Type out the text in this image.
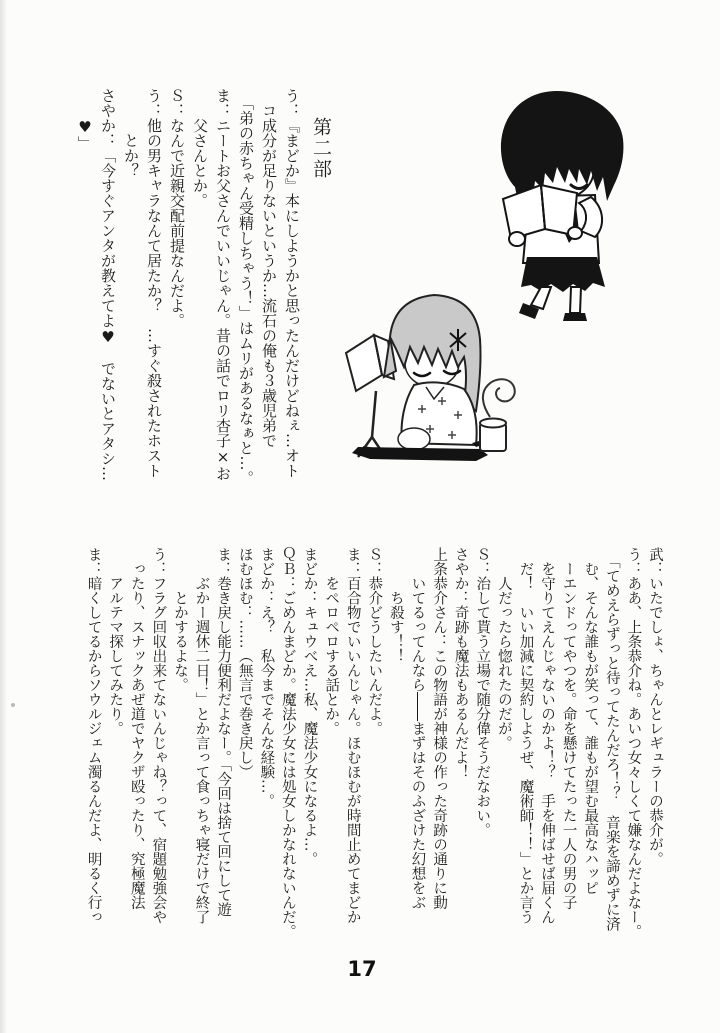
第二部
う：『まどか』本にしようかと思ったんだけどねぇ…オト
　コ成分が足りないというか…流石の俺も３歳児弟で
　「弟の赤ちゃん受精しちゃう！」はムリがあるなぁと…。
ま：ニートお父さんでいいじゃん。昔の話でロリ杏子×お
　　父さんとか。
Ｓ：なんで近親交配前提なんだよ。
う：他の男キャラなんて居たか？　…すぐ殺されたホスト
　　　とか？
さやか：「今すぐアンタが教えてよ♥　でないとアタシ…
　　♥」
武：いたでしょ、ちゃんとレギュラーの恭介が。
う：ああ、上条恭介ね。あいつ女々しくて嫌なんだよなー。
　「てめえらずっと待ってたんだろ！？　音楽を諦めずに済
　む、そんな誰もが笑って、誰もが望む最高なハッピ
　ーエンドってやつを。命を懸けてたった一人の男の子
　を守りてえんじゃないのかよ！？　手を伸ばせば届くん
　だ！　いい加減に契約しようぜ、魔術師！！」とか言う
　　人だったら惚れたのだが。
Ｓ：治して貰う立場で随分偉そうだなおい。
さやか：奇跡も魔法もあるんだよ！
上条恭介さん：この物語が神様の作った奇跡の通りに動
　　いてるってんなら――まずはそのふざけた幻想をぶ
　　　ち殺す！！
Ｓ：恭介どうしたいんだよ。
ま：百合物でいいんじゃん。ほむほむが時間止めてまどか
　　をペロペロする話とか。
まどか：キュウべえ…私、魔法少女になるよ…。
ＱＢ：ごめんまどか。魔法少女には処女しかなれないんだ。
まどか：え？　私今までそんな経験…。
ほむほむ：……（無言で巻き戻し）
ま：巻き戻し能力便利だよなー。「今回は捨て回にして遊
　　ぶかー週休二日！」とか言って食っちゃ寝だけで終了
　　　とかするよな。
う：フラグ回収出来てないんじゃね？って、宿題勉強会や
　ったり、スナックあぜ道でヤクザ殴ったり、究極魔法
　　アルテマ探してみたり。
ま：暗くしてるからソウルジェム濁るんだよ、明るく行っ
17
